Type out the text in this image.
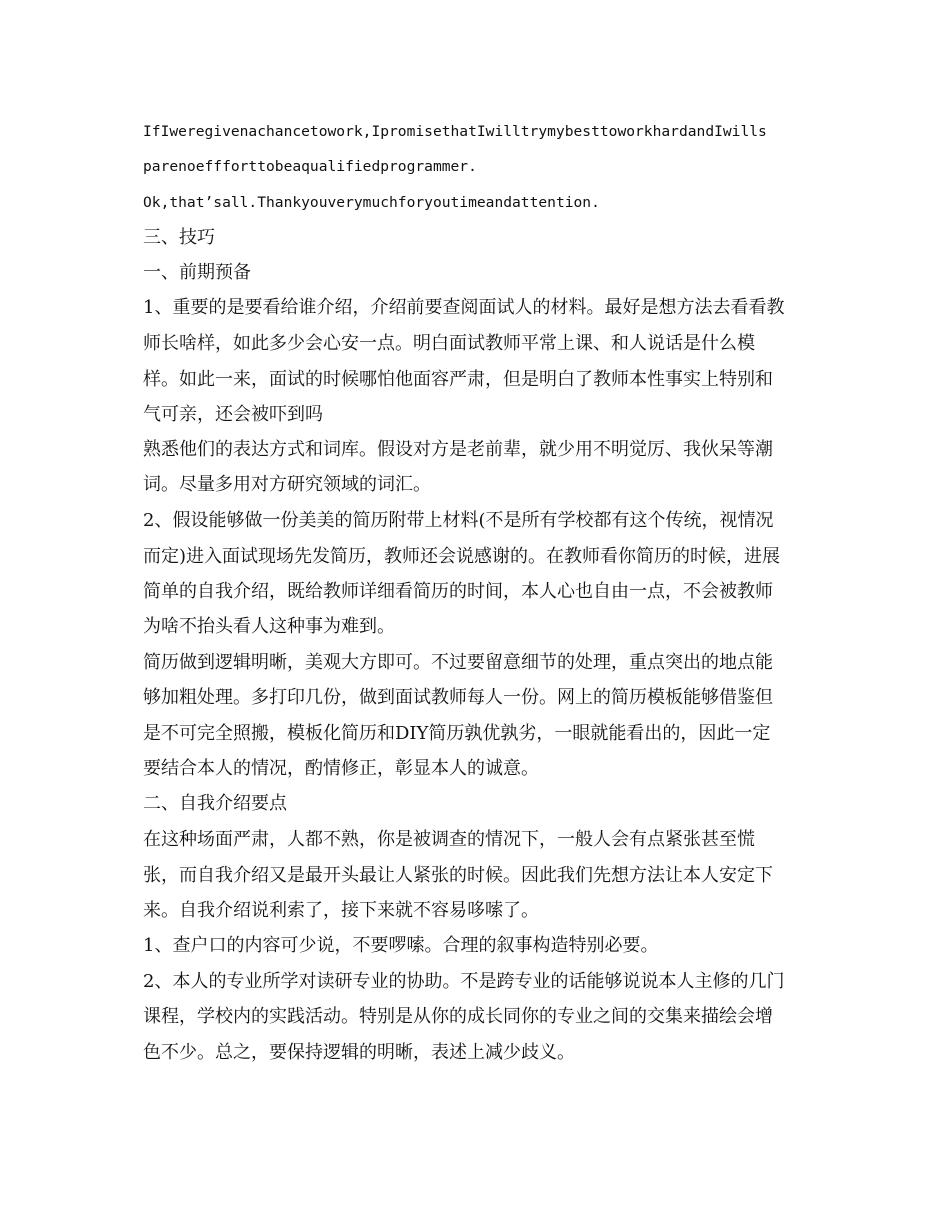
IfIweregivenachancetowork,IpromisethatIwilltrymybesttoworkhardandIwills
parenoeffforttobeaqualifiedprogrammer.
Ok,that’sall.Thankyouverymuchforyoutimeandattention.
三、技巧
一、前期预备
1、重要的是要看给谁介绍，介绍前要查阅面试人的材料。最好是想方法去看看教
师长啥样，如此多少会心安一点。明白面试教师平常上课、和人说话是什么模
样。如此一来，面试的时候哪怕他面容严肃，但是明白了教师本性事实上特别和
气可亲，还会被吓到吗
熟悉他们的表达方式和词库。假设对方是老前辈，就少用不明觉厉、我伙呆等潮
词。尽量多用对方研究领域的词汇。
2、假设能够做一份美美的简历附带上材料(不是所有学校都有这个传统，视情况
而定)进入面试现场先发简历，教师还会说感谢的。在教师看你简历的时候，进展
简单的自我介绍，既给教师详细看简历的时间，本人心也自由一点，不会被教师
为啥不抬头看人这种事为难到。
简历做到逻辑明晰，美观大方即可。不过要留意细节的处理，重点突出的地点能
够加粗处理。多打印几份，做到面试教师每人一份。网上的简历模板能够借鉴但
是不可完全照搬，模板化简历和DIY简历孰优孰劣，一眼就能看出的，因此一定
要结合本人的情况，酌情修正，彰显本人的诚意。
二、自我介绍要点
在这种场面严肃，人都不熟，你是被调查的情况下，一般人会有点紧张甚至慌
张，而自我介绍又是最开头最让人紧张的时候。因此我们先想方法让本人安定下
来。自我介绍说利索了，接下来就不容易哆嗦了。
1、查户口的内容可少说，不要啰嗦。合理的叙事构造特别必要。
2、本人的专业所学对读研专业的协助。不是跨专业的话能够说说本人主修的几门
课程，学校内的实践活动。特别是从你的成长同你的专业之间的交集来描绘会增
色不少。总之，要保持逻辑的明晰，表述上减少歧义。
